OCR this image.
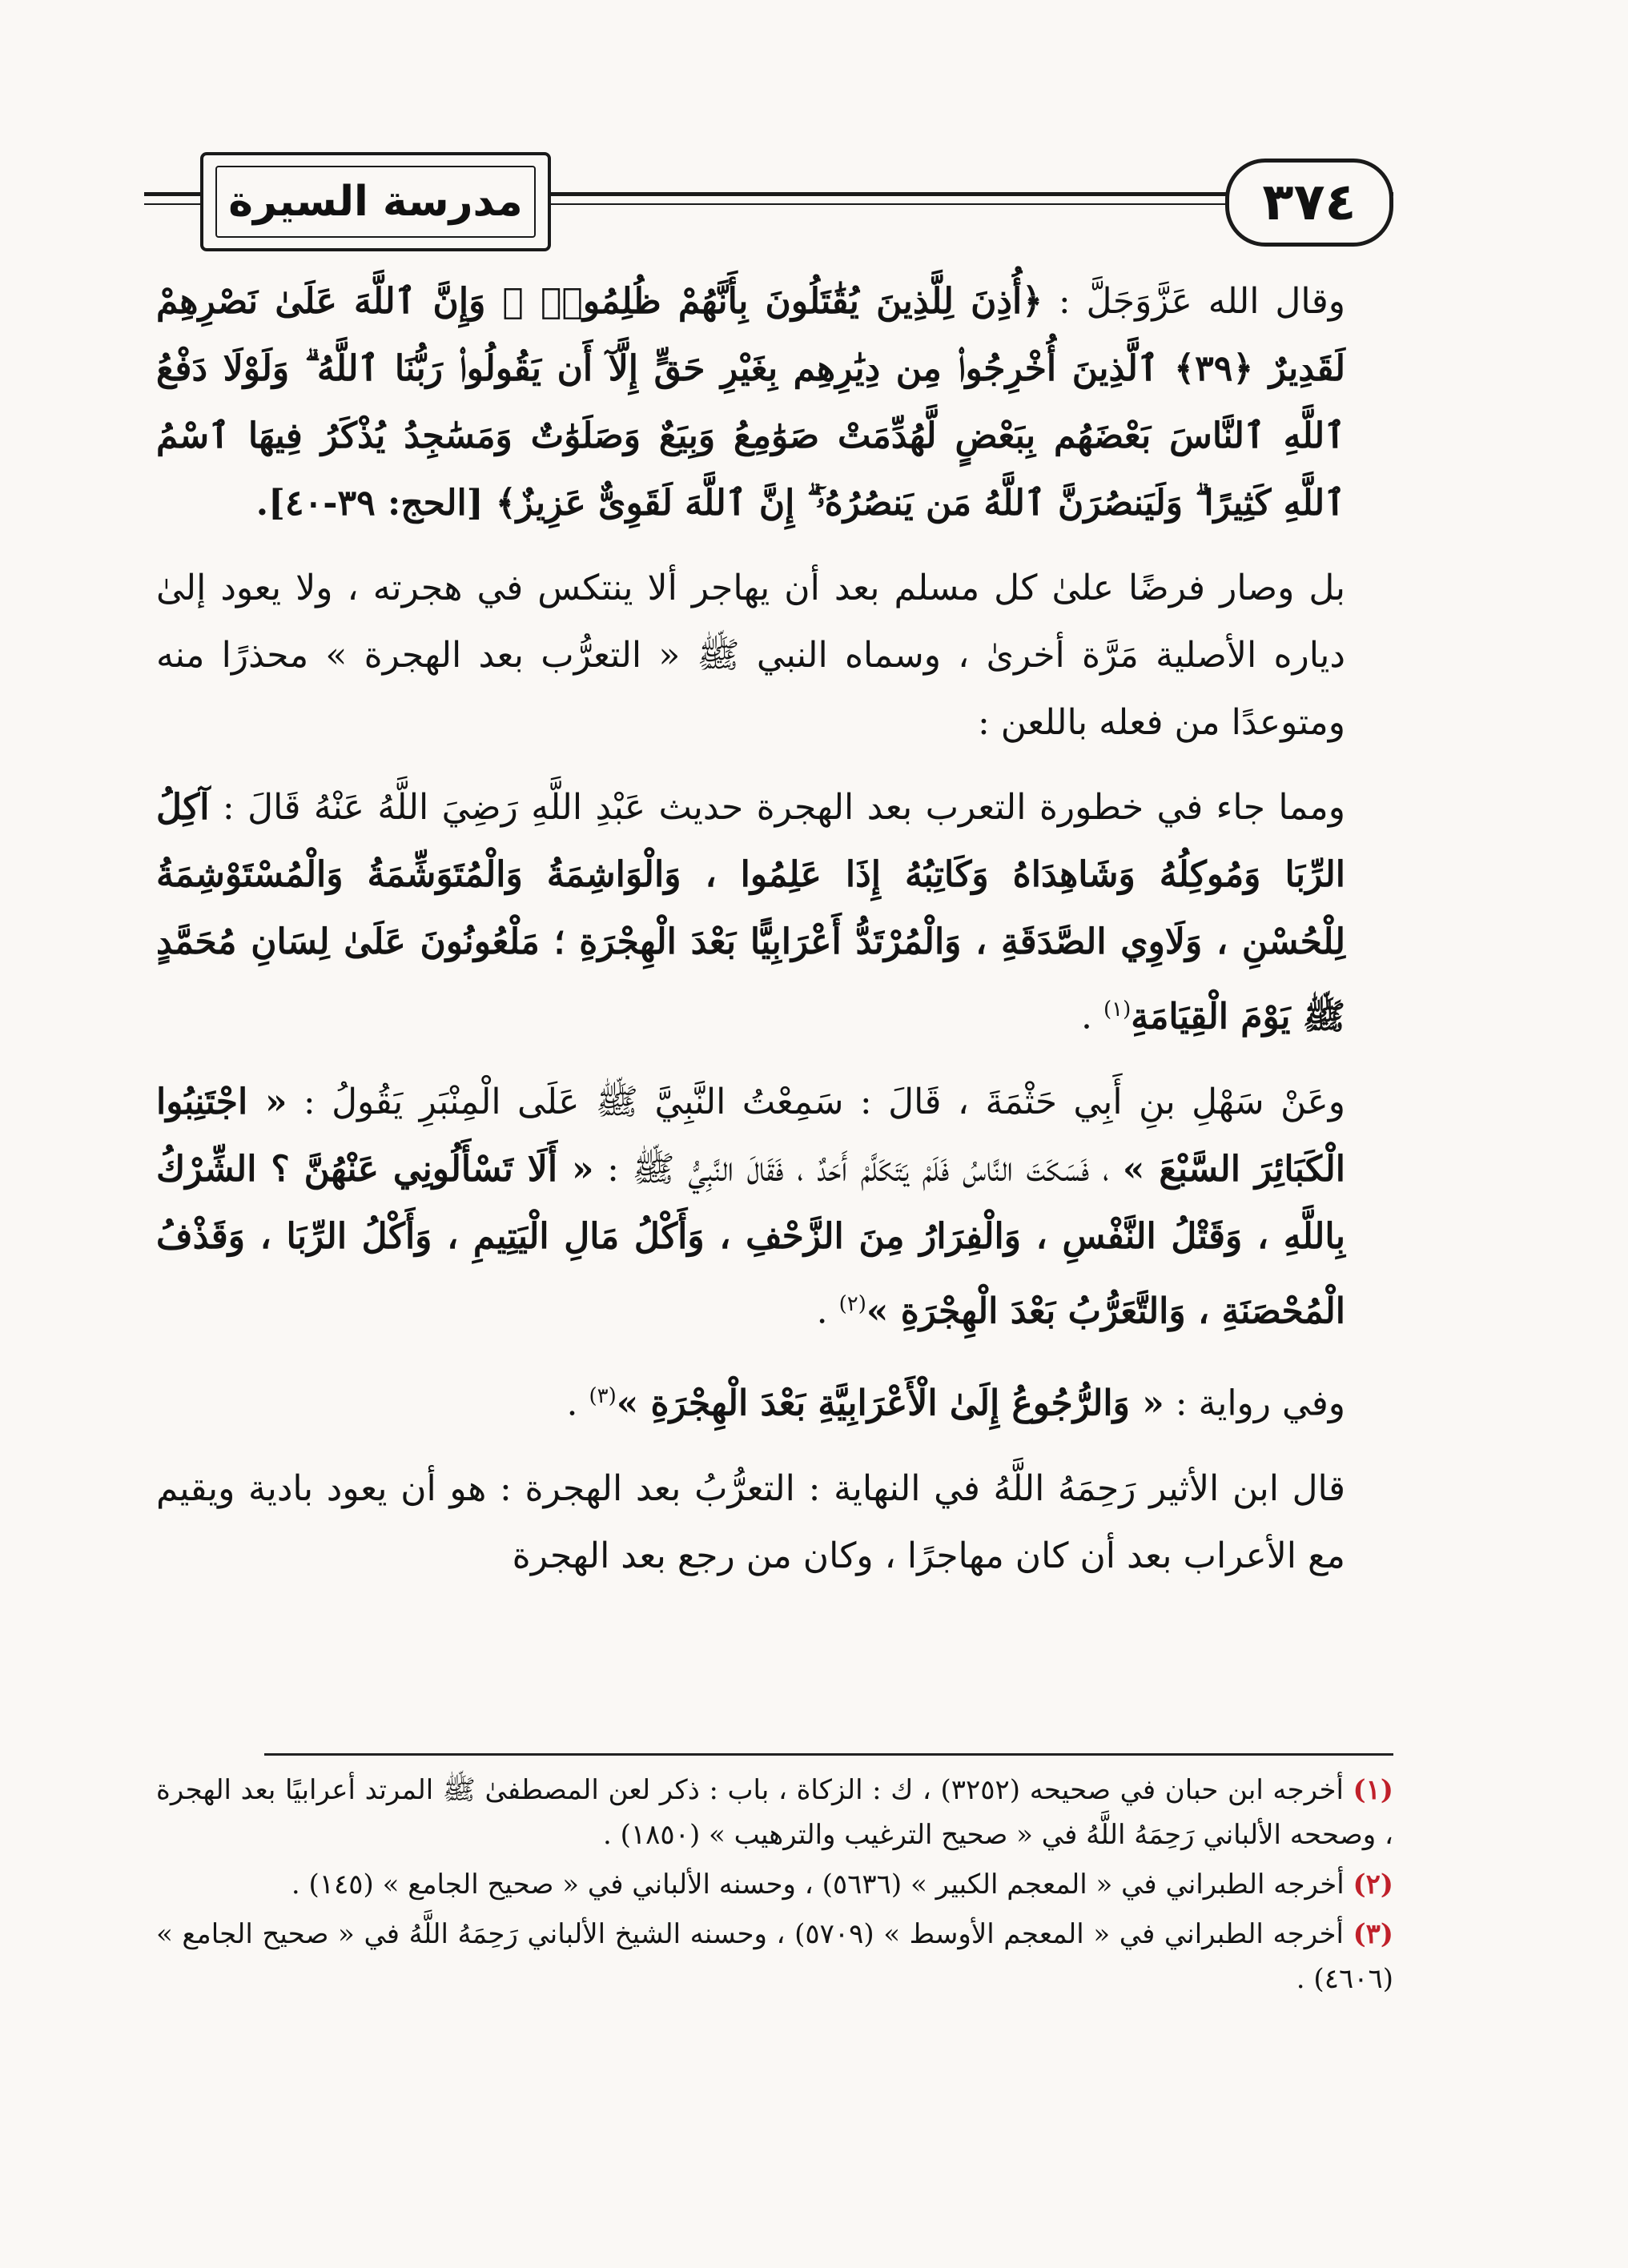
٣٧٤
مدرسة السيرة

وقال الله عَزَّوَجَلَّ : ﴿أُذِنَ لِلَّذِينَ يُقَٰتَلُونَ بِأَنَّهُمْ ظُلِمُوا۟ ۚ وَإِنَّ ٱللَّهَ عَلَىٰ نَصْرِهِمْ لَقَدِيرٌ ﴿٣٩﴾ ٱلَّذِينَ أُخْرِجُوا۟ مِن دِيَٰرِهِم بِغَيْرِ حَقٍّ إِلَّآ أَن يَقُولُوا۟ رَبُّنَا ٱللَّهُ ۗ وَلَوْلَا دَفْعُ ٱللَّهِ ٱلنَّاسَ بَعْضَهُم بِبَعْضٍ لَّهُدِّمَتْ صَوَٰمِعُ وَبِيَعٌ وَصَلَوَٰتٌ وَمَسَٰجِدُ يُذْكَرُ فِيهَا ٱسْمُ ٱللَّهِ كَثِيرًا ۗ وَلَيَنصُرَنَّ ٱللَّهُ مَن يَنصُرُهُۥٓ ۗ إِنَّ ٱللَّهَ لَقَوِىٌّ عَزِيزٌ﴾ [الحج: ٣٩-٤٠].

بل وصار فرضًا علىٰ كل مسلم بعد أن يهاجر ألا ينتكس في هجرته ، ولا يعود إلىٰ دياره الأصلية مَرَّة أخرىٰ ، وسماه النبي ﷺ « التعرُّب بعد الهجرة » محذرًا منه ومتوعدًا من فعله باللعن :

ومما جاء في خطورة التعرب بعد الهجرة حديث عَبْدِ اللَّهِ رَضِيَ اللَّهُ عَنْهُ قَالَ : آكِلُ الرِّبَا وَمُوكِلُهُ وَشَاهِدَاهُ وَكَاتِبُهُ إِذَا عَلِمُوا ، وَالْوَاشِمَةُ وَالْمُتَوَشِّمَةُ وَالْمُسْتَوْشِمَةُ لِلْحُسْنِ ، وَلَاوِي الصَّدَقَةِ ، وَالْمُرْتَدُّ أَعْرَابِيًّا بَعْدَ الْهِجْرَةِ ؛ مَلْعُونُونَ عَلَىٰ لِسَانِ مُحَمَّدٍ ﷺ يَوْمَ الْقِيَامَةِ$^{(١)}$ .

وعَنْ سَهْلِ بنِ أَبِي حَثْمَةَ ، قَالَ : سَمِعْتُ النَّبِيَّ ﷺ عَلَى الْمِنْبَرِ يَقُولُ : « اجْتَنِبُوا الْكَبَائِرَ السَّبْعَ » ، فَسَكَتَ النَّاسُ فَلَمْ يَتَكَلَّمْ أَحَدٌ ، فَقَالَ النَّبِيُّ ﷺ : « أَلَا تَسْأَلُونِي عَنْهُنَّ ؟ الشِّرْكُ بِاللَّهِ ، وَقَتْلُ النَّفْسِ ، وَالْفِرَارُ مِنَ الزَّحْفِ ، وَأَكْلُ مَالِ الْيَتِيمِ ، وَأَكْلُ الرِّبَا ، وَقَذْفُ الْمُحْصَنَةِ ، وَالتَّعَرُّبُ بَعْدَ الْهِجْرَةِ »$^{(٢)}$ .

وفي رواية : « وَالرُّجُوعُ إِلَىٰ الْأَعْرَابِيَّةِ بَعْدَ الْهِجْرَةِ »$^{(٣)}$ .

قال ابن الأثير رَحِمَهُ اللَّهُ في النهاية : التعرُّبُ بعد الهجرة : هو أن يعود بادية ويقيم مع الأعراب بعد أن كان مهاجرًا ، وكان من رجع بعد الهجرة

(١) أخرجه ابن حبان في صحيحه (٣٢٥٢) ، ك : الزكاة ، باب : ذكر لعن المصطفىٰ ﷺ المرتد أعرابيًا بعد الهجرة ، وصححه الألباني رَحِمَهُ اللَّهُ في « صحيح الترغيب والترهيب » (١٨٥٠) .
(٢) أخرجه الطبراني في « المعجم الكبير » (٥٦٣٦) ، وحسنه الألباني في « صحيح الجامع » (١٤٥) .
(٣) أخرجه الطبراني في « المعجم الأوسط » (٥٧٠٩) ، وحسنه الشيخ الألباني رَحِمَهُ اللَّهُ في « صحيح الجامع » (٤٦٠٦) .
